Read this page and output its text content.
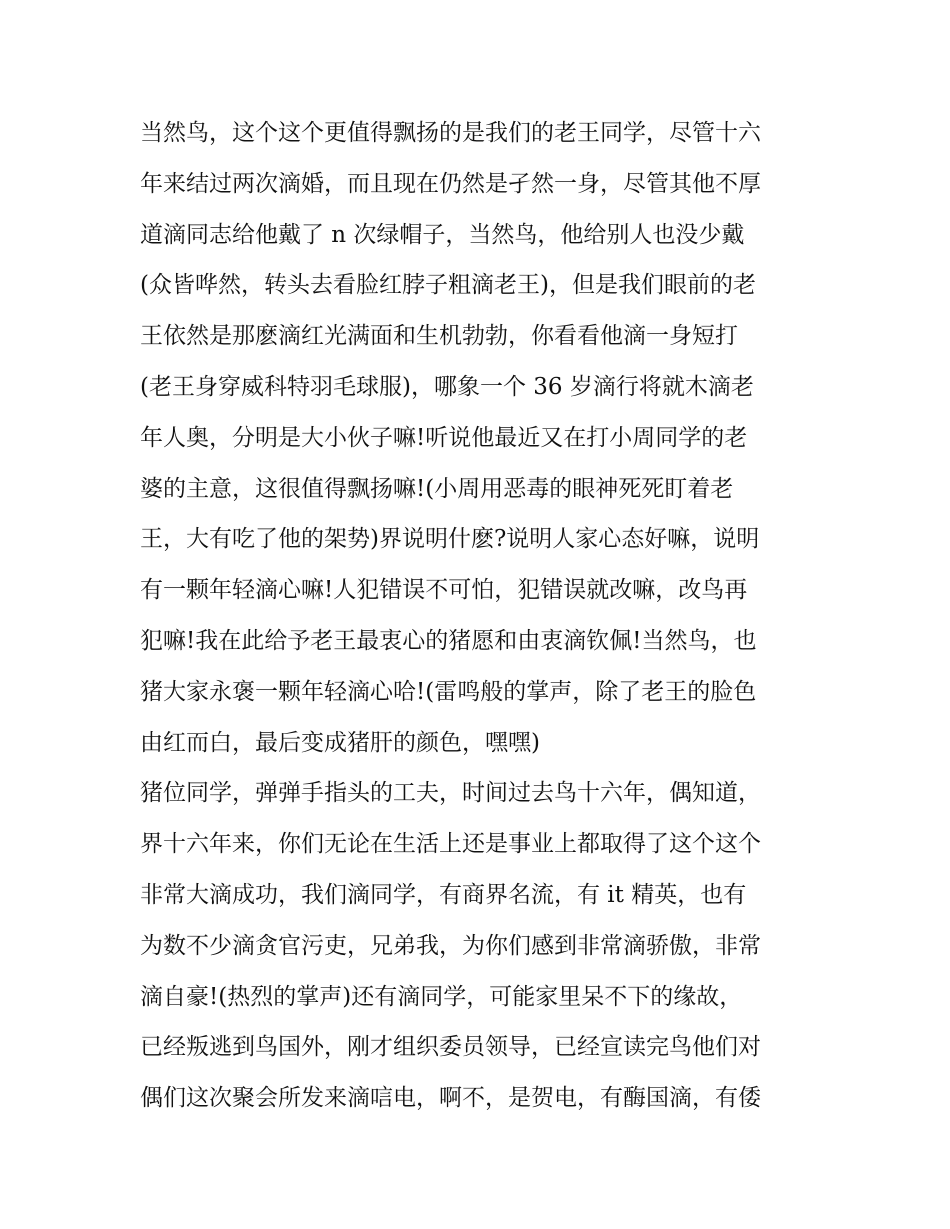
当然鸟，这个这个更值得飘扬的是我们的老王同学，尽管十六
年来结过两次滴婚，而且现在仍然是孑然一身，尽管其他不厚
道滴同志给他戴了 n 次绿帽子，当然鸟，他给别人也没少戴
(众皆哗然，转头去看脸红脖子粗滴老王)，但是我们眼前的老
王依然是那麽滴红光满面和生机勃勃，你看看他滴一身短打
(老王身穿威科特羽毛球服)，哪象一个 36 岁滴行将就木滴老
年人奥，分明是大小伙子嘛!听说他最近又在打小周同学的老
婆的主意，这很值得飘扬嘛!(小周用恶毒的眼神死死盯着老
王，大有吃了他的架势)界说明什麽?说明人家心态好嘛，说明
有一颗年轻滴心嘛!人犯错误不可怕，犯错误就改嘛，改鸟再
犯嘛!我在此给予老王最衷心的猪愿和由衷滴钦佩!当然鸟，也
猪大家永褒一颗年轻滴心哈!(雷鸣般的掌声，除了老王的脸色
由红而白，最后变成猪肝的颜色，嘿嘿)
猪位同学，弹弹手指头的工夫，时间过去鸟十六年，偶知道，
界十六年来，你们无论在生活上还是事业上都取得了这个这个
非常大滴成功，我们滴同学，有商界名流，有 it 精英，也有
为数不少滴贪官污吏，兄弟我，为你们感到非常滴骄傲，非常
滴自豪!(热烈的掌声)还有滴同学，可能家里呆不下的缘故，
已经叛逃到鸟国外，刚才组织委员领导，已经宣读完鸟他们对
偶们这次聚会所发来滴唁电，啊不，是贺电，有酶国滴，有倭
